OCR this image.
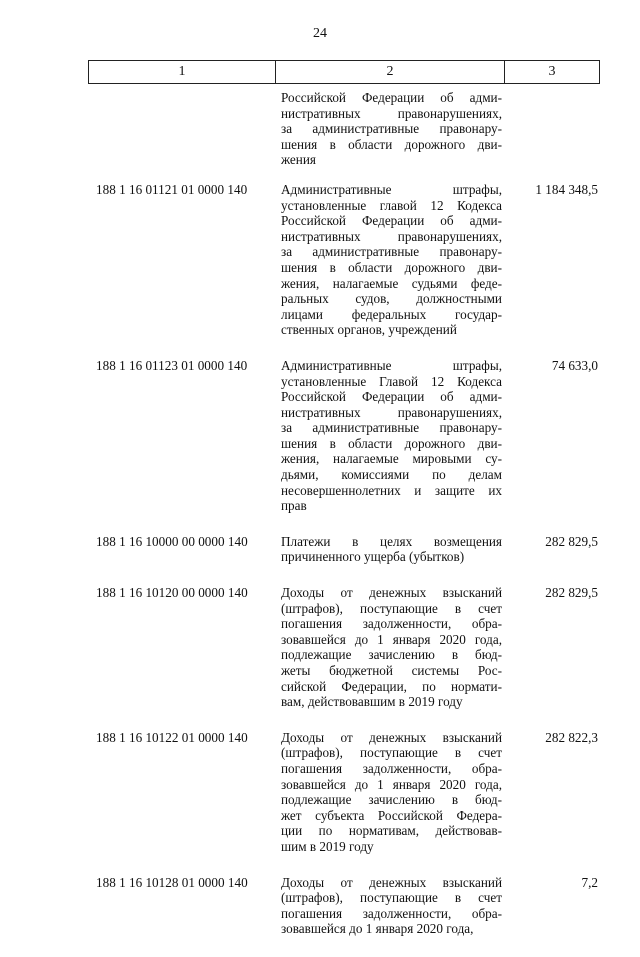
24
1	2	3
Российской Федерации об адми-
нистративных правонарушениях,
за административные правонару-
шения в области дорожного дви-
жения
188 1 16 01121 01 0000 140	Административные штрафы,
установленные главой 12 Кодекса
Российской Федерации об адми-
нистративных правонарушениях,
за административные правонару-
шения в области дорожного дви-
жения, налагаемые судьями феде-
ральных судов, должностными
лицами федеральных государ-
ственных органов, учреждений
1 184 348,5
188 1 16 01123 01 0000 140	Административные штрафы,
установленные Главой 12 Кодекса
Российской Федерации об адми-
нистративных правонарушениях,
за административные правонару-
шения в области дорожного дви-
жения, налагаемые мировыми су-
дьями, комиссиями по делам
несовершеннолетних и защите их
прав
74 633,0
188 1 16 10000 00 0000 140	Платежи в целях возмещения
причиненного ущерба (убытков)
282 829,5
188 1 16 10120 00 0000 140	Доходы от денежных взысканий
(штрафов), поступающие в счет
погашения задолженности, обра-
зовавшейся до 1 января 2020 года,
подлежащие зачислению в бюд-
жеты бюджетной системы Рос-
сийской Федерации, по нормати-
вам, действовавшим в 2019 году
282 829,5
188 1 16 10122 01 0000 140	Доходы от денежных взысканий
(штрафов), поступающие в счет
погашения задолженности, обра-
зовавшейся до 1 января 2020 года,
подлежащие зачислению в бюд-
жет субъекта Российской Федера-
ции по нормативам, действовав-
шим в 2019 году
282 822,3
188 1 16 10128 01 0000 140	Доходы от денежных взысканий
(штрафов), поступающие в счет
погашения задолженности, обра-
зовавшейся до 1 января 2020 года,
7,2
